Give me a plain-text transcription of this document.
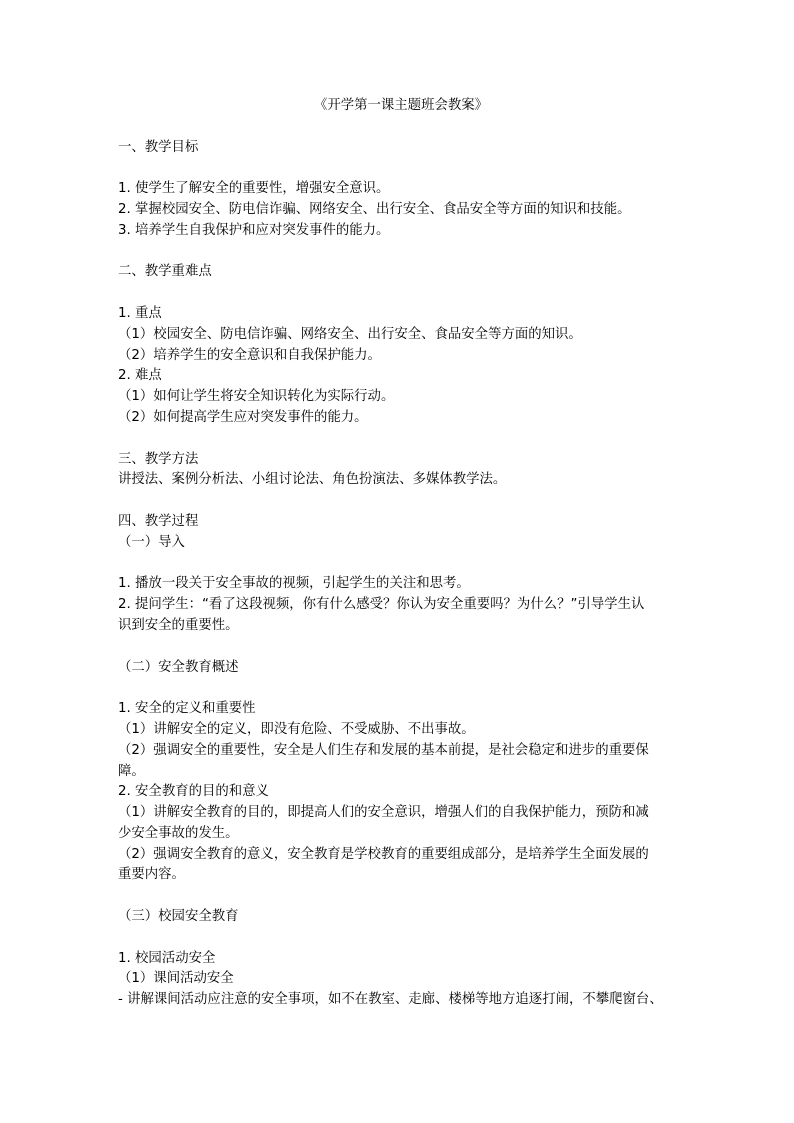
《开学第一课主题班会教案》
一、教学目标
1. 使学生了解安全的重要性，增强安全意识。
2. 掌握校园安全、防电信诈骗、网络安全、出行安全、食品安全等方面的知识和技能。
3. 培养学生自我保护和应对突发事件的能力。
二、教学重难点
1. 重点
（1）校园安全、防电信诈骗、网络安全、出行安全、食品安全等方面的知识。
（2）培养学生的安全意识和自我保护能力。
2. 难点
（1）如何让学生将安全知识转化为实际行动。
（2）如何提高学生应对突发事件的能力。
三、教学方法
讲授法、案例分析法、小组讨论法、角色扮演法、多媒体教学法。
四、教学过程
（一）导入
1. 播放一段关于安全事故的视频，引起学生的关注和思考。
2. 提问学生：“看了这段视频，你有什么感受？你认为安全重要吗？为什么？”引导学生认
识到安全的重要性。
（二）安全教育概述
1. 安全的定义和重要性
（1）讲解安全的定义，即没有危险、不受威胁、不出事故。
（2）强调安全的重要性，安全是人们生存和发展的基本前提，是社会稳定和进步的重要保
障。
2. 安全教育的目的和意义
（1）讲解安全教育的目的，即提高人们的安全意识，增强人们的自我保护能力，预防和减
少安全事故的发生。
（2）强调安全教育的意义，安全教育是学校教育的重要组成部分，是培养学生全面发展的
重要内容。
（三）校园安全教育
1. 校园活动安全
（1）课间活动安全
- 讲解课间活动应注意的安全事项，如不在教室、走廊、楼梯等地方追逐打闹，不攀爬窗台、
